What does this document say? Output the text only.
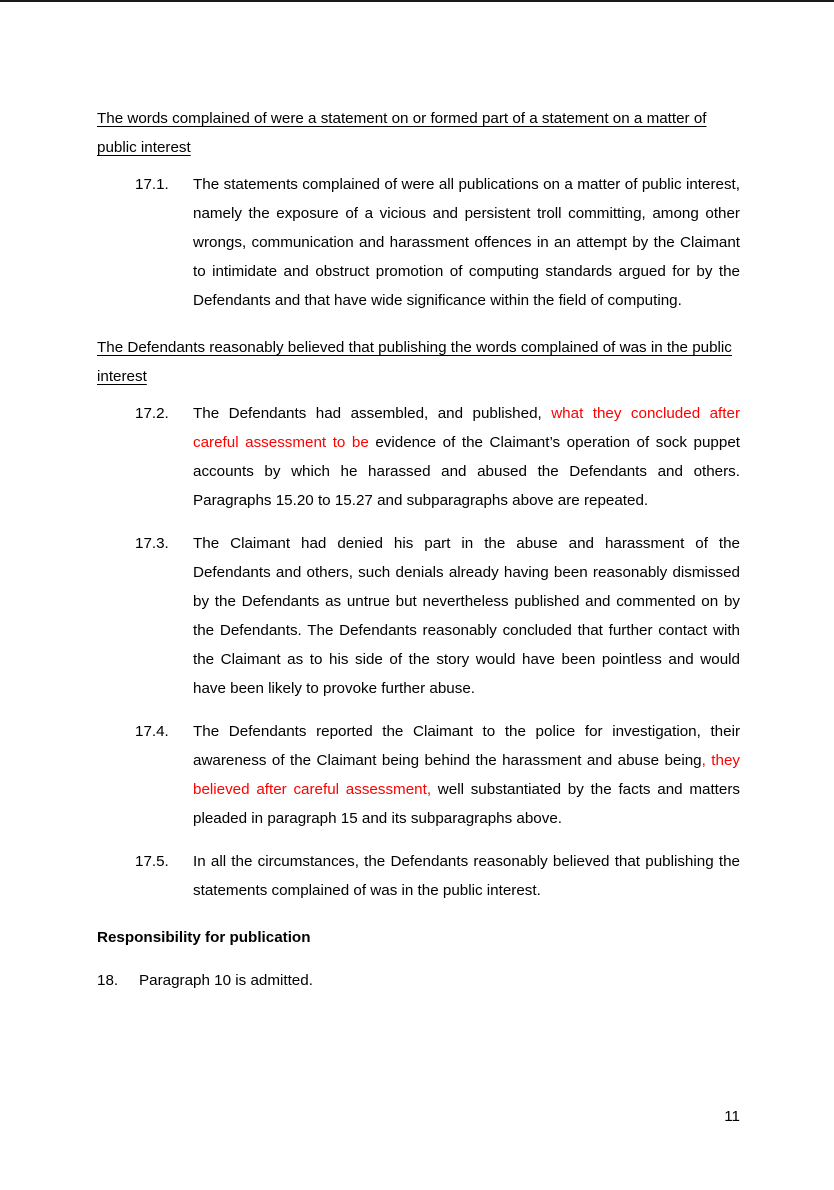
The words complained of were a statement on or formed part of a statement on a matter of public interest
17.1.	The statements complained of were all publications on a matter of public interest, namely the exposure of a vicious and persistent troll committing, among other wrongs, communication and harassment offences in an attempt by the Claimant to intimidate and obstruct promotion of computing standards argued for by the Defendants and that have wide significance within the field of computing.
The Defendants reasonably believed that publishing the words complained of was in the public interest
17.2.	The Defendants had assembled, and published, what they concluded after careful assessment to be evidence of the Claimant’s operation of sock puppet accounts by which he harassed and abused the Defendants and others. Paragraphs 15.20 to 15.27 and subparagraphs above are repeated.
17.3.	The Claimant had denied his part in the abuse and harassment of the Defendants and others, such denials already having been reasonably dismissed by the Defendants as untrue but nevertheless published and commented on by the Defendants. The Defendants reasonably concluded that further contact with the Claimant as to his side of the story would have been pointless and would have been likely to provoke further abuse.
17.4.	The Defendants reported the Claimant to the police for investigation, their awareness of the Claimant being behind the harassment and abuse being, they believed after careful assessment, well substantiated by the facts and matters pleaded in paragraph 15 and its subparagraphs above.
17.5.	In all the circumstances, the Defendants reasonably believed that publishing the statements complained of was in the public interest.
Responsibility for publication
18.	Paragraph 10 is admitted.
11
